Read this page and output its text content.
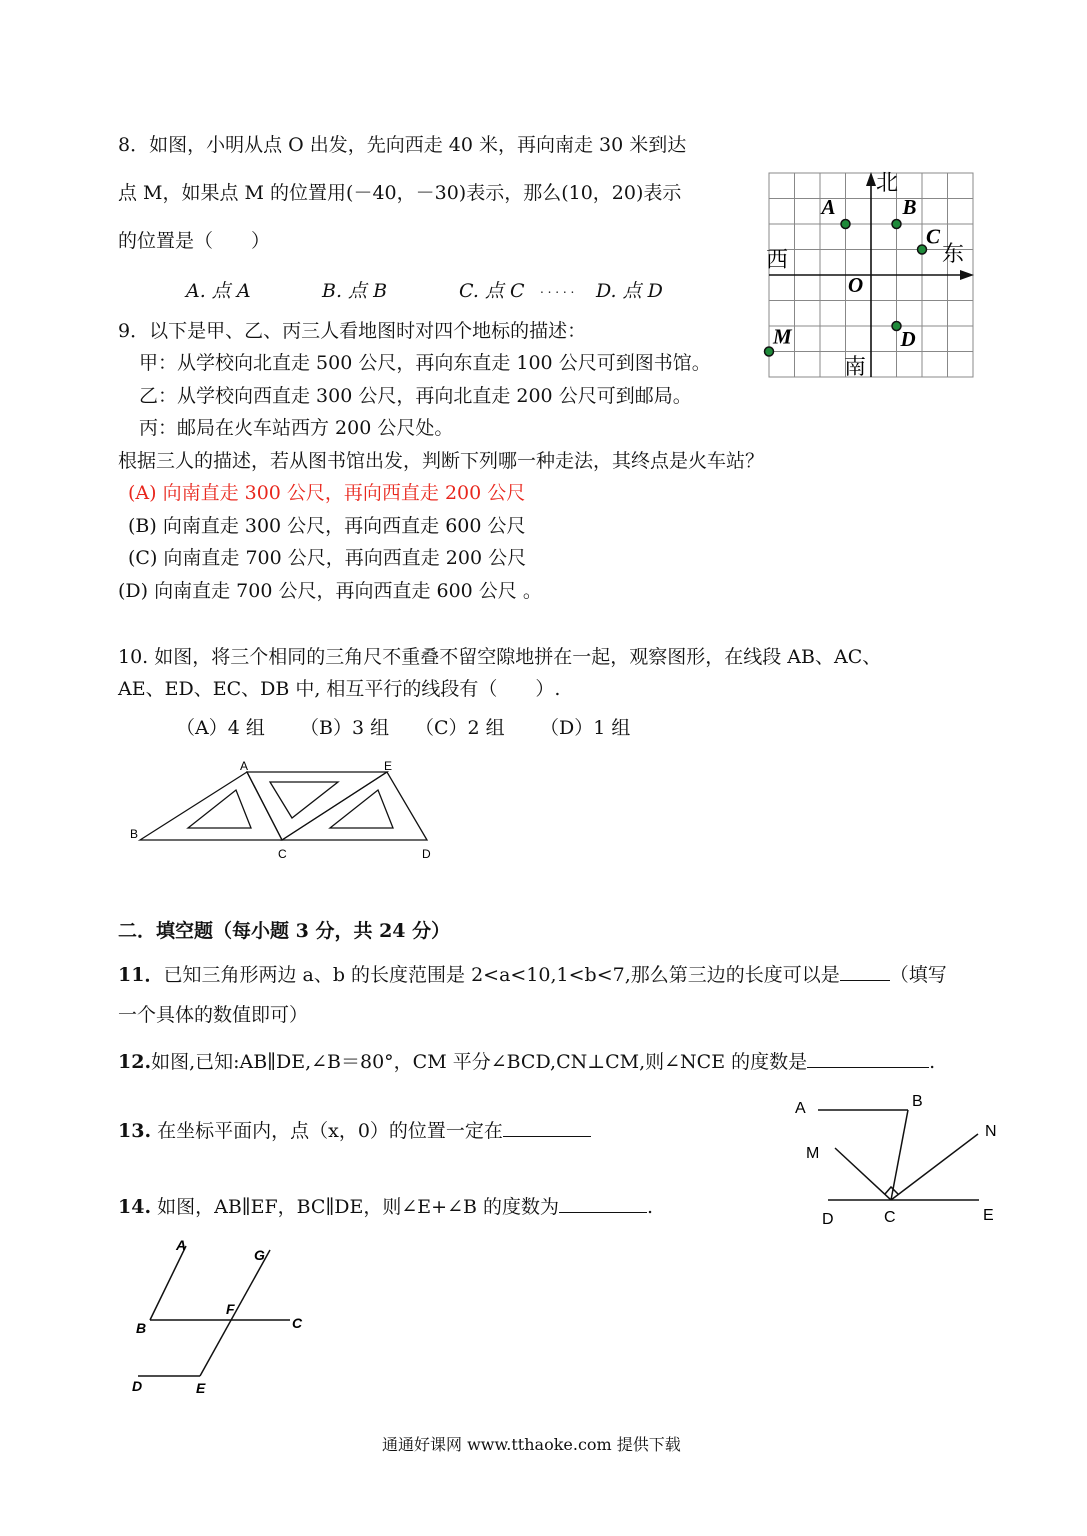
8．如图，小明从点 O 出发，先向西走 40 米，再向南走 30 米到达
点 M，如果点 M 的位置用(－40，－30)表示，那么(10，20)表示
的位置是（　　）
A. 点 A	B. 点 B	C. 点 C . . . . . D. 点 D
北
南
西	东
O
A	B
C
M	D
9．以下是甲、乙、丙三人看地图时对四个地标的描述：
甲：从学校向北直走 500 公尺，再向东直走 100 公尺可到图书馆。
乙：从学校向西直走 300 公尺，再向北直走 200 公尺可到邮局。
丙：邮局在火车站西方 200 公尺处。
根据三人的描述，若从图书馆出发，判断下列哪一种走法，其终点是火车站？
(A) 向南直走 300 公尺，再向西直走 200 公尺
(B) 向南直走 300 公尺，再向西直走 600 公尺
(C) 向南直走 700 公尺，再向西直走 200 公尺
(D) 向南直走 700 公尺，再向西直走 600 公尺 。
10. 如图，将三个相同的三角尺不重叠不留空隙地拼在一起，观察图形，在线段 AB、AC、
AE、ED、EC、DB 中, 相互平行的线段有（　　）.
（A）4 组 （B）3 组 （C）2 组 （D）1 组
A	E
B
C	D
二．填空题（每小题 3 分，共 24 分）
11．已知三角形两边 a、b 的长度范围是 2<a<10,1<b<7,那么第三边的长度可以是	（填写
一个具体的数值即可）
12.如图,已知:AB∥DE,∠B＝80°，CM 平分∠BCD,CN⊥CM,则∠NCE 的度数是	.
A	B
M
N
D	C	E
13. 在坐标平面内，点（x，0）的位置一定在
14. 如图，AB∥EF，BC∥DE，则∠E+∠B 的度数为	.
A
G
F
B	C
D	E
通通好课网 www.tthaoke.com 提供下载
